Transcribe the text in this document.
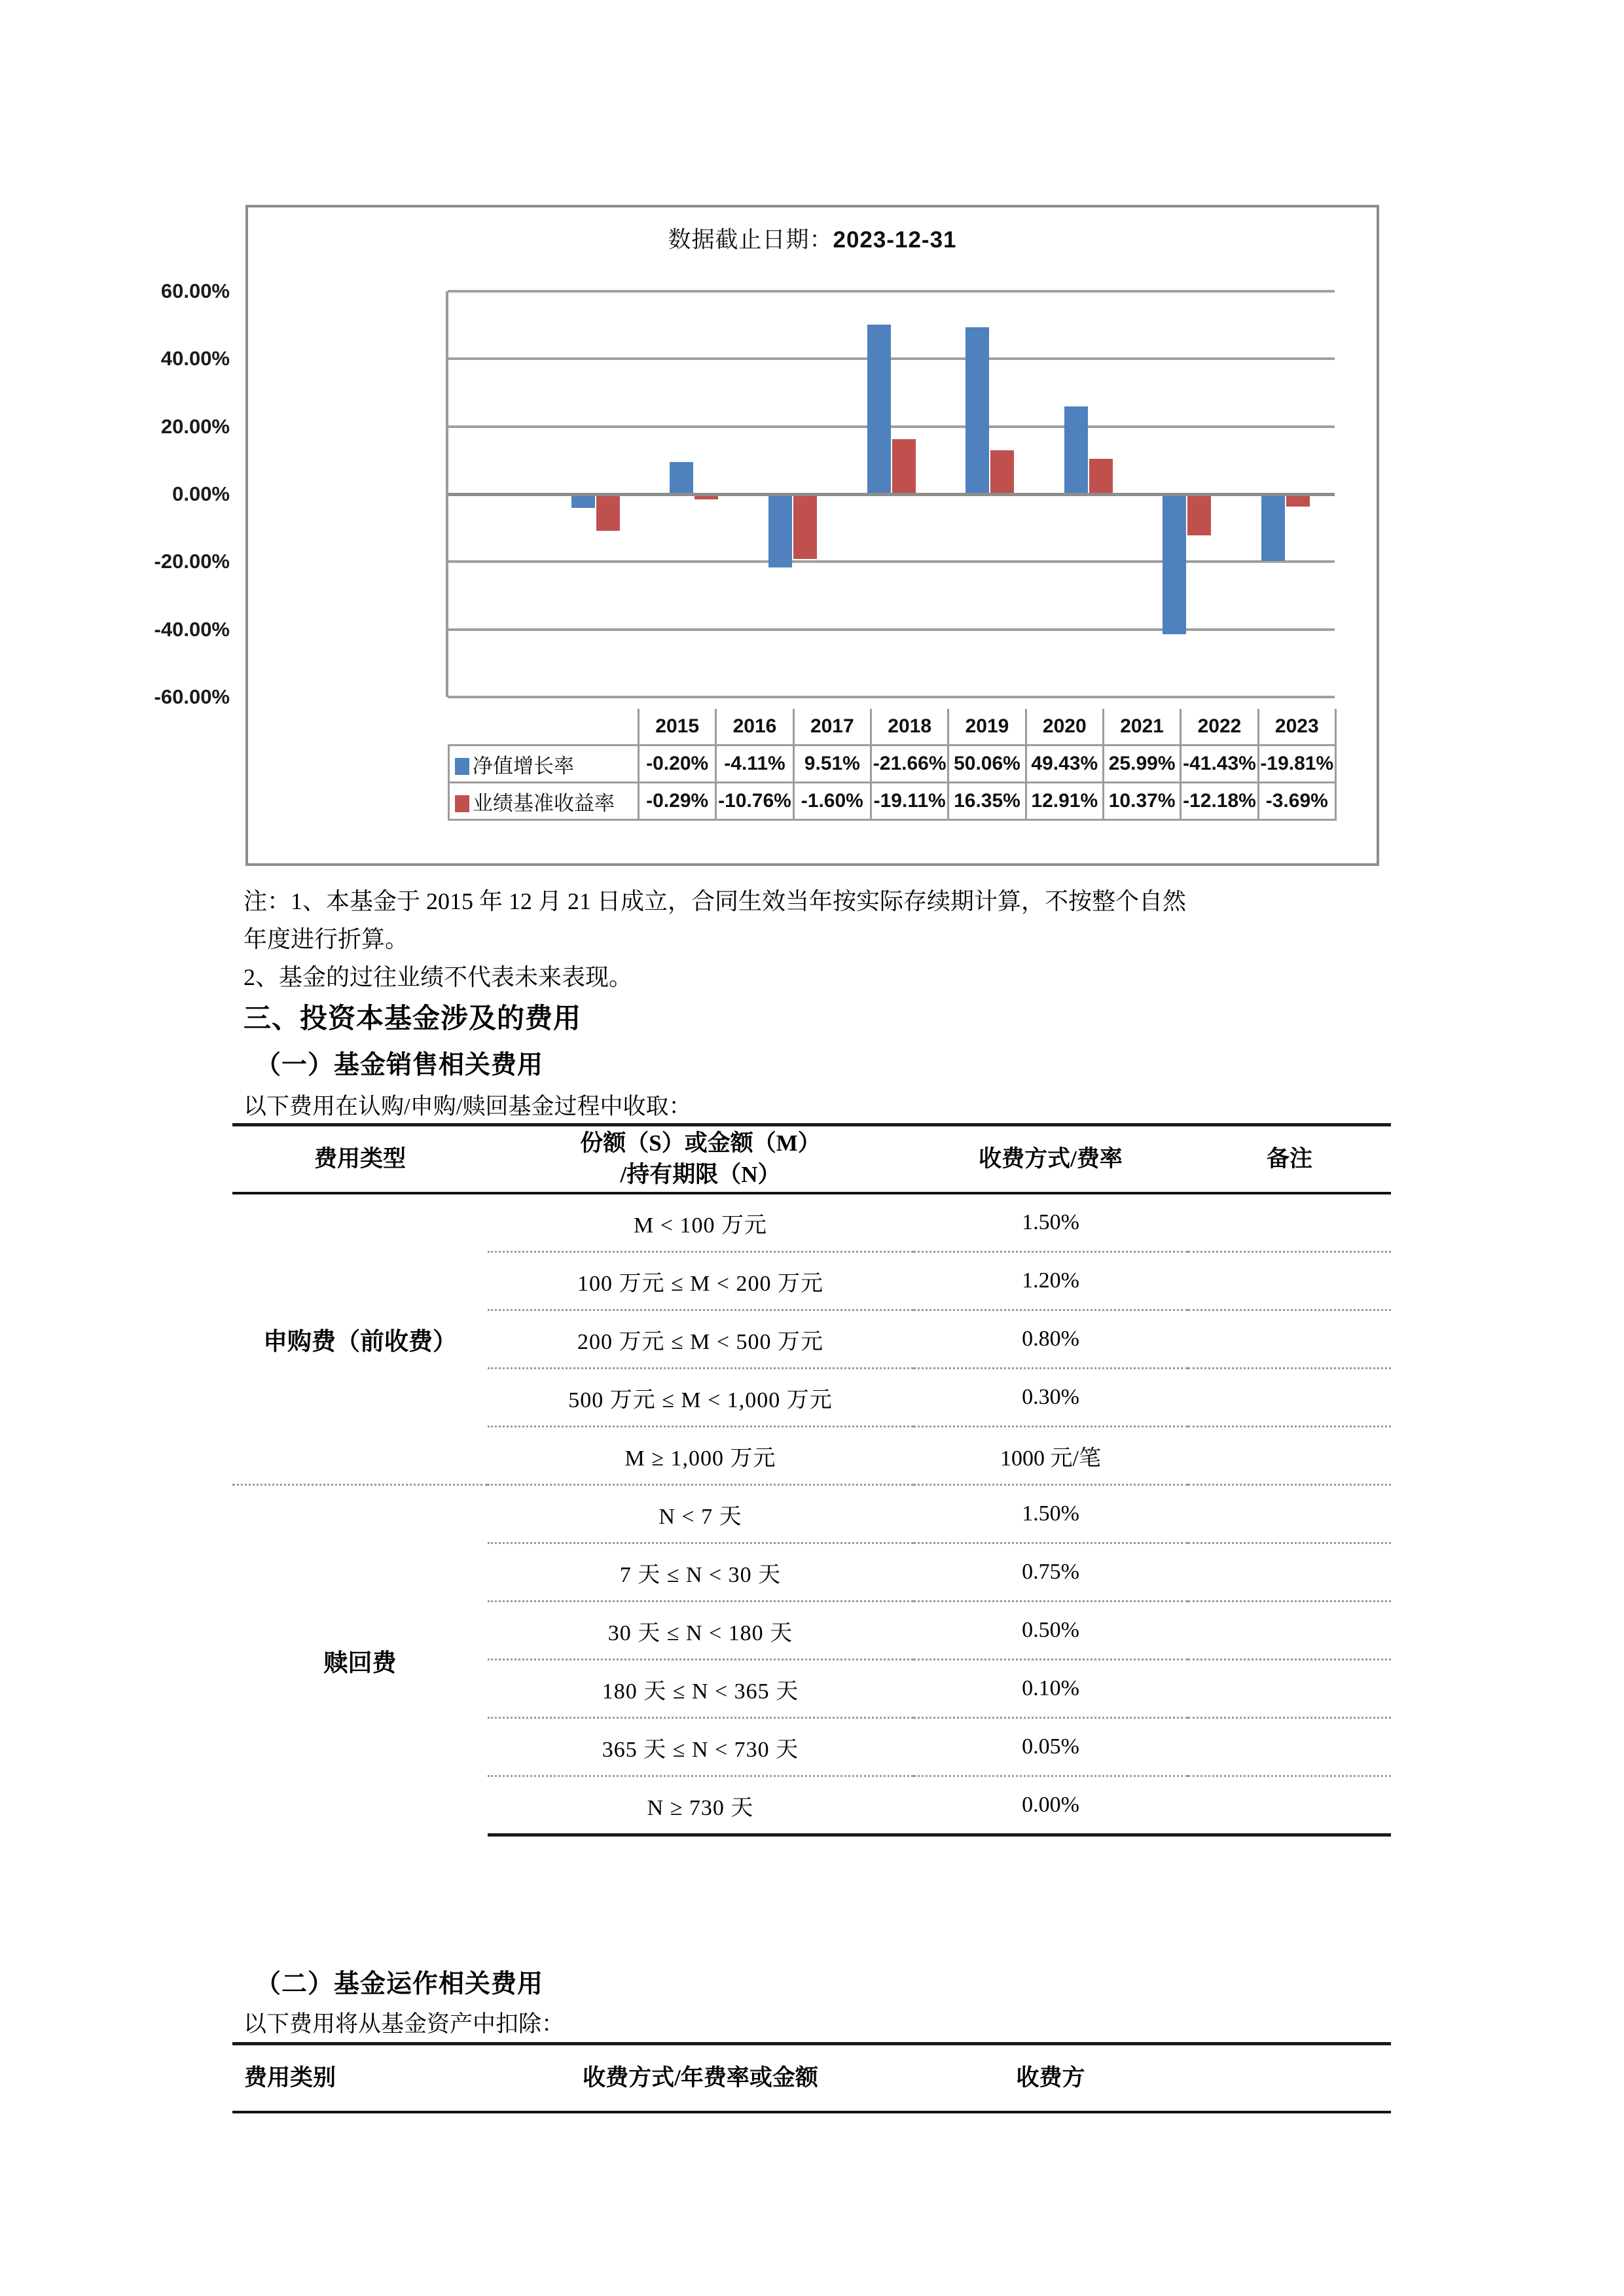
数据截止日期：2023-12-31
60.00%
40.00%
20.00%
0.00%
-20.00%
-40.00%
-60.00%
	2015	2016	2017	2018	2019	2020	2021	2022	2023
净值增长率	-0.20%	-4.11%	9.51%	-21.66%	50.06%	49.43%	25.99%	-41.43%	-19.81%
业绩基准收益率	-0.29%	-10.76%	-1.60%	-19.11%	16.35%	12.91%	10.37%	-12.18%	-3.69%
注：1、本基金于 2015 年 12 月 21 日成立，合同生效当年按实际存续期计算，不按整个自然
年度进行折算。
2、基金的过往业绩不代表未来表现。
三、投资本基金涉及的费用
（一）基金销售相关费用
以下费用在认购/申购/赎回基金过程中收取：
费用类型	份额（S）或金额（M）
/持有期限（N）	收费方式/费率	备注
申购费（前收费）	M < 100 万元	1.50%	
	100 万元 ≤ M < 200 万元	1.20%	
	200 万元 ≤ M < 500 万元	0.80%	
	500 万元 ≤ M < 1,000 万元	0.30%	
	M ≥ 1,000 万元	1000 元/笔	
赎回费	N < 7 天	1.50%	
	7 天 ≤ N < 30 天	0.75%	
	30 天 ≤ N < 180 天	0.50%	
	180 天 ≤ N < 365 天	0.10%	
	365 天 ≤ N < 730 天	0.05%	
	N ≥ 730 天	0.00%	
（二）基金运作相关费用
以下费用将从基金资产中扣除：
费用类别	收费方式/年费率或金额	收费方	
